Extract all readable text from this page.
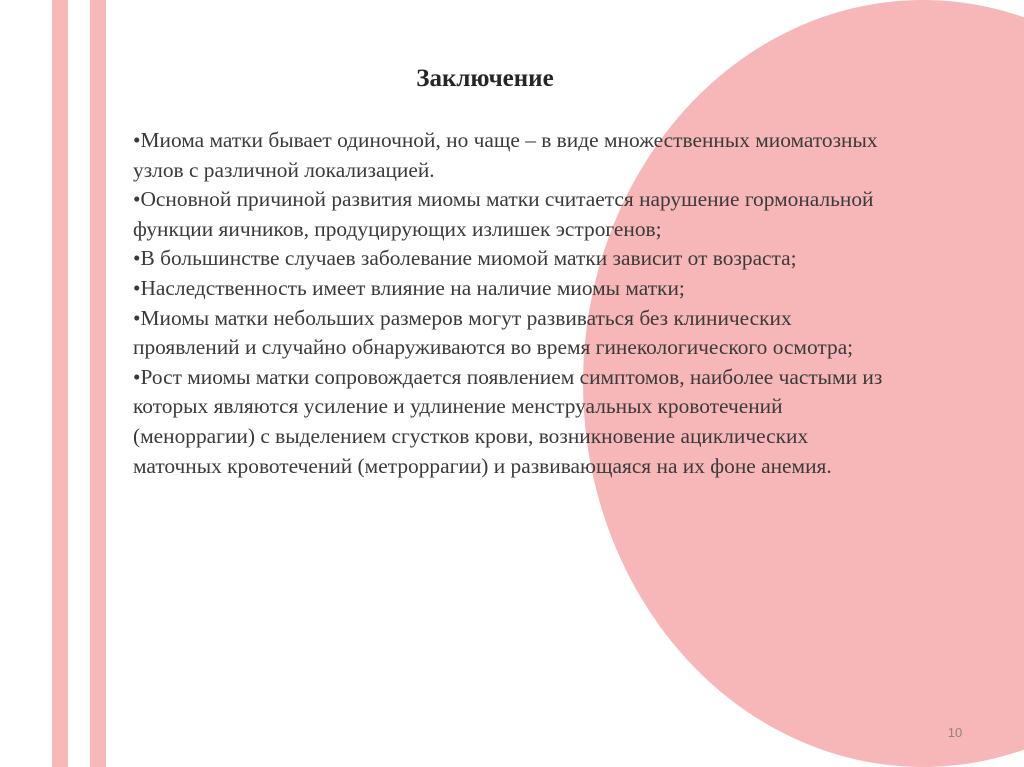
Заключение

•Миома матки бывает одиночной, но чаще – в виде множественных миоматозных узлов с различной локализацией.

•Основной причиной развития миомы матки считается нарушение гормональной функции яичников, продуцирующих излишек эстрогенов;

•В большинстве случаев заболевание миомой матки зависит от возраста;

•Наследственность имеет влияние на наличие миомы матки;

•Миомы матки небольших размеров могут развиваться без клинических проявлений и случайно обнаруживаются во время гинекологического осмотра;

•Рост миомы матки сопровождается появлением симптомов, наиболее частыми из которых являются усиление и удлинение менструальных кровотечений (меноррагии) с выделением сгустков крови, возникновение ациклических маточных кровотечений (метроррагии) и развивающаяся на их фоне анемия.

10
